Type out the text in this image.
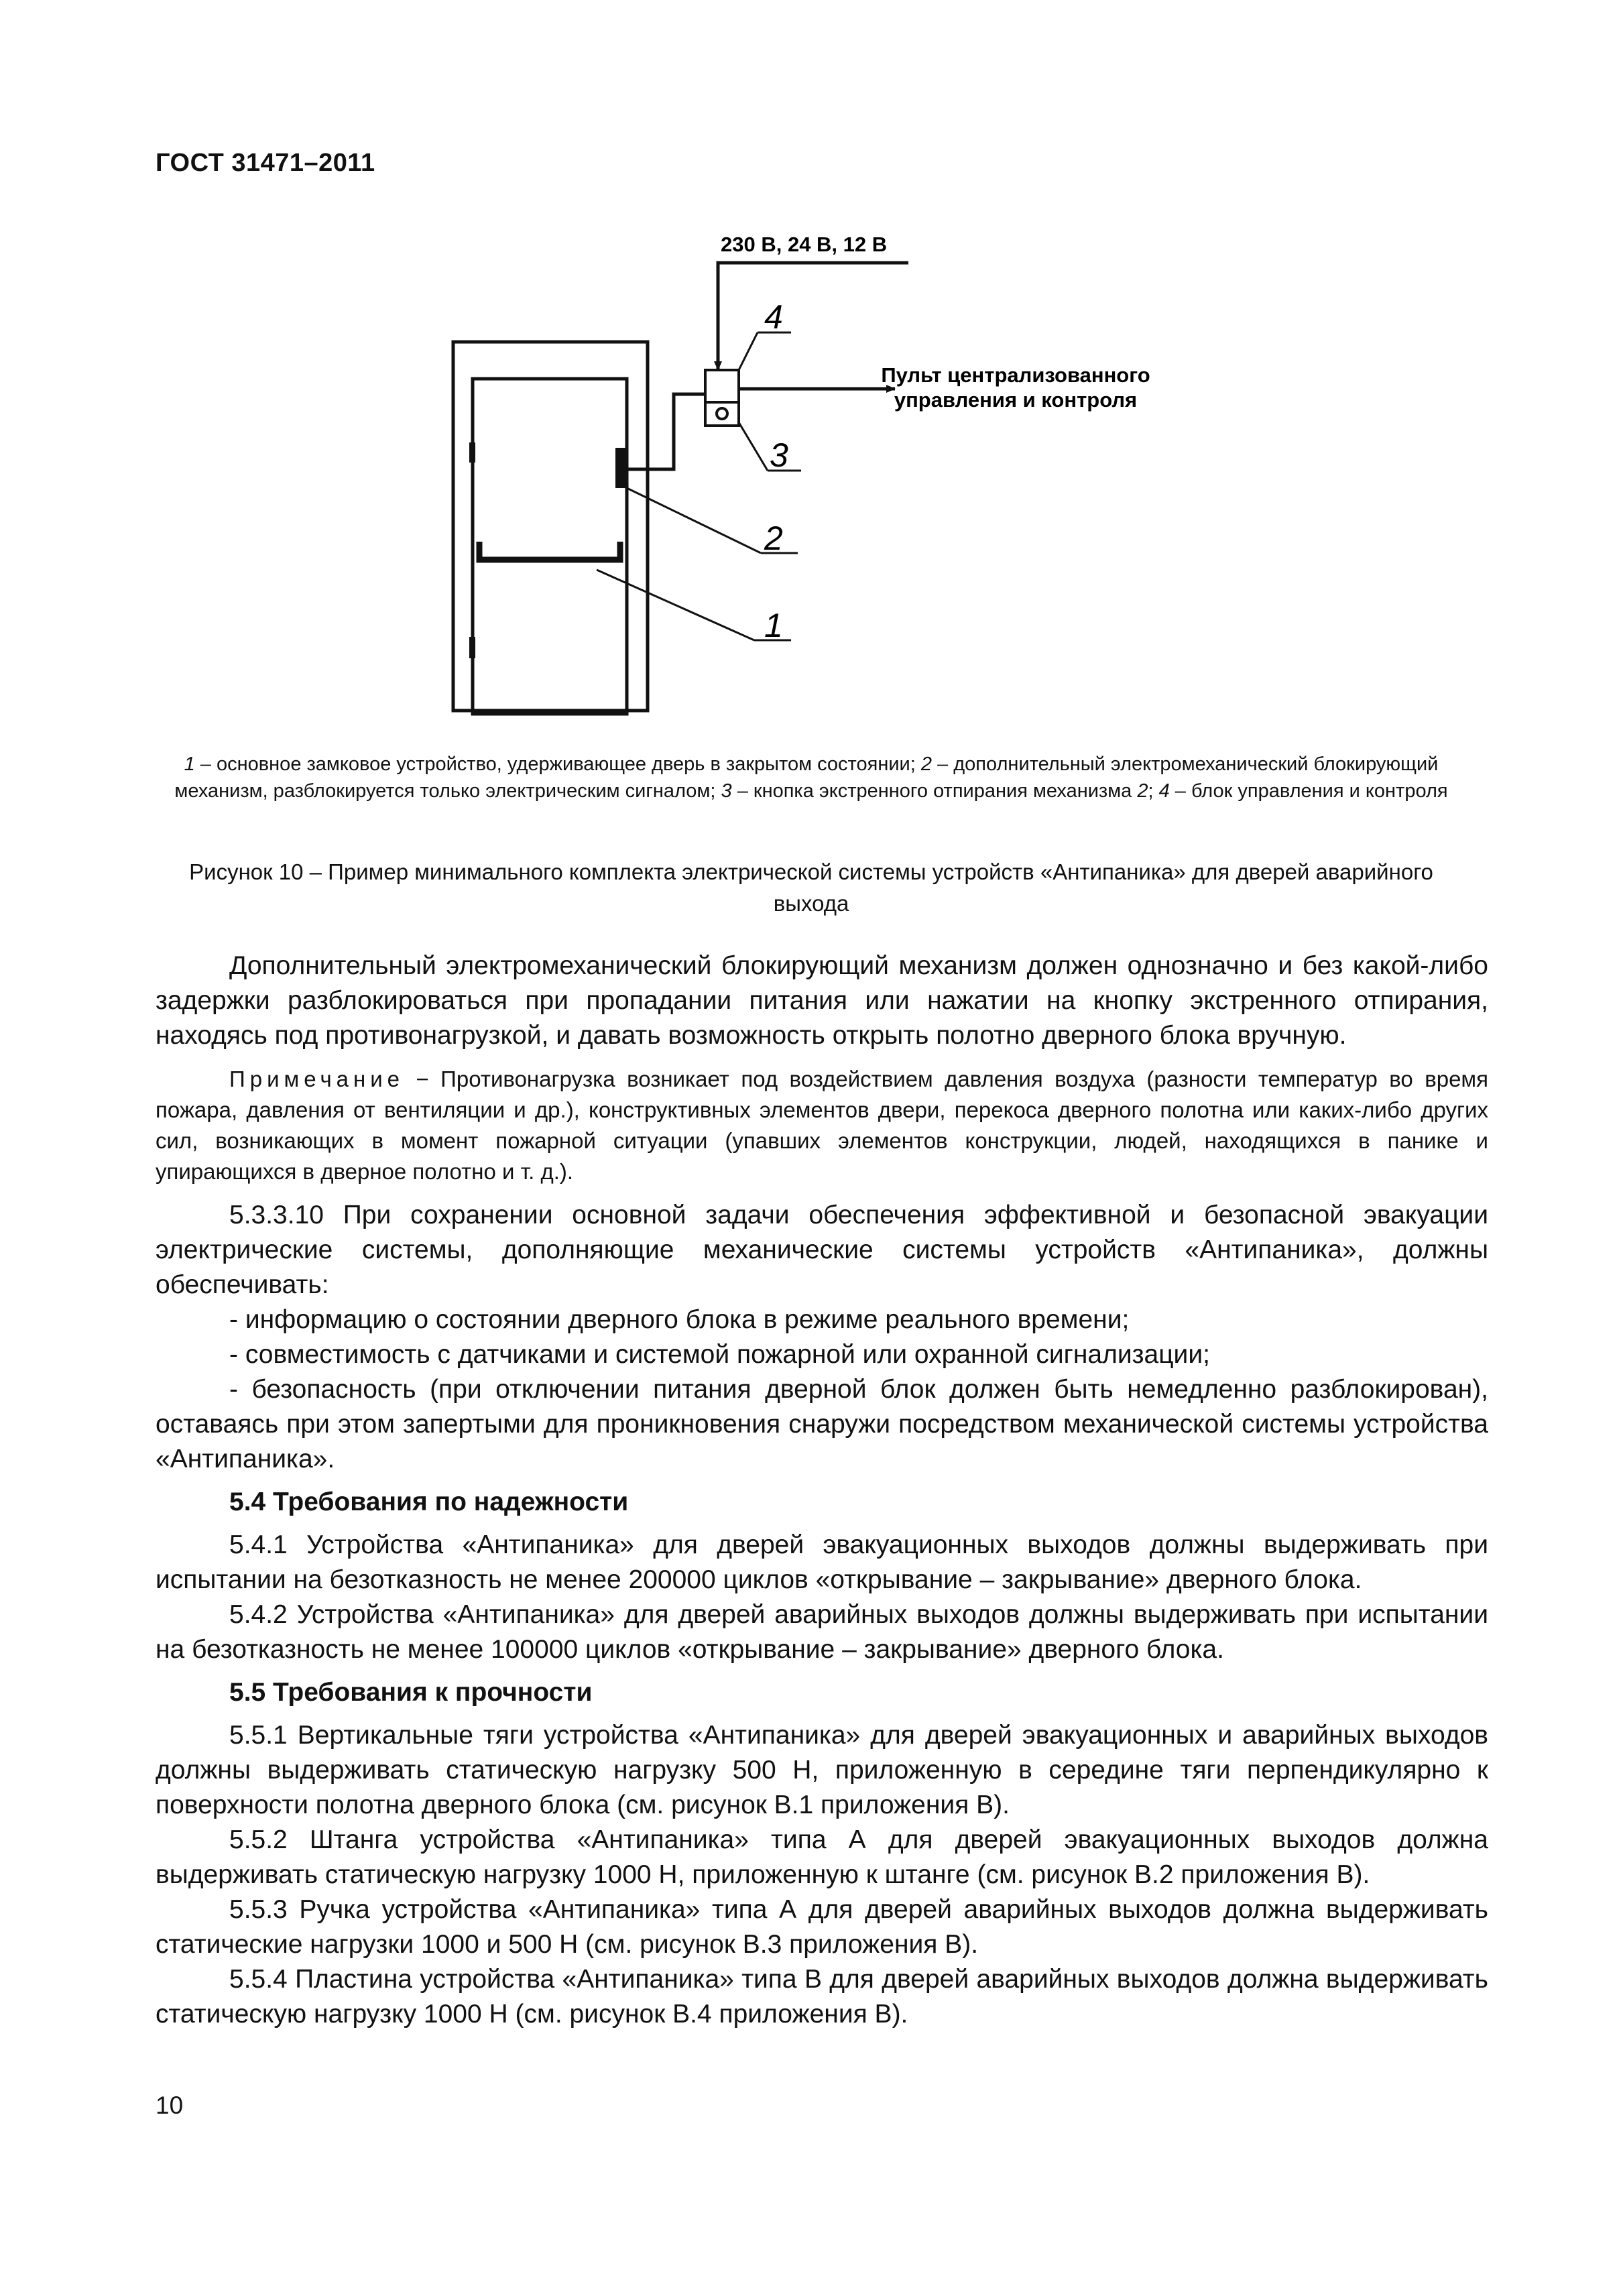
ГОСТ 31471–2011
4
3
2
1
230 В, 24 В, 12 В
Пульт централизованного
управления и контроля
1 – основное замковое устройство, удерживающее дверь в закрытом состоянии; 2 – дополнительный электромеханический блокирующий механизм, разблокируется только электрическим сигналом; 3 – кнопка экстренного отпирания механизма 2; 4 – блок управления и контроля
Рисунок 10 – Пример минимального комплекта электрической системы устройств «Антипаника» для дверей аварийного выхода

Дополнительный электромеханический блокирующий механизм должен однозначно и без какой-либо задержки разблокироваться при пропадании питания или нажатии на кнопку экстренного отпирания, находясь под противонагрузкой, и давать возможность открыть полотно дверного блока вручную.

Примечание − Противонагрузка возникает под воздействием давления воздуха (разности температур во время пожара, давления от вентиляции и др.), конструктивных элементов двери, перекоса дверного полотна или каких-либо других сил, возникающих в момент пожарной ситуации (упавших элементов конструкции, людей, находящихся в панике и упирающихся в дверное полотно и т. д.).

5.3.3.10 При сохранении основной задачи обеспечения эффективной и безопасной эвакуации электрические системы, дополняющие механические системы устройств «Антипаника», должны обеспечивать:

- информацию о состоянии дверного блока в режиме реального времени;

- совместимость с датчиками и системой пожарной или охранной сигнализации;

- безопасность (при отключении питания дверной блок должен быть немедленно разблокирован), оставаясь при этом запертыми для проникновения снаружи посредством механической системы устройства «Антипаника».

5.4 Требования по надежности

5.4.1 Устройства «Антипаника» для дверей эвакуационных выходов должны выдерживать при испытании на безотказность не менее 200000 циклов «открывание – закрывание» дверного блока.

5.4.2 Устройства «Антипаника» для дверей аварийных выходов должны выдерживать при испытании на безотказность не менее 100000 циклов «открывание – закрывание» дверного блока.

5.5 Требования к прочности

5.5.1 Вертикальные тяги устройства «Антипаника» для дверей эвакуационных и аварийных выходов должны выдерживать статическую нагрузку 500 Н, приложенную в середине тяги перпендикулярно к поверхности полотна дверного блока (см. рисунок В.1 приложения В).

5.5.2 Штанга устройства «Антипаника» типа А для дверей эвакуационных выходов должна выдерживать статическую нагрузку 1000 Н, приложенную к штанге (см. рисунок В.2 приложения В).

5.5.3 Ручка устройства «Антипаника» типа А для дверей аварийных выходов должна выдерживать статические нагрузки 1000 и 500 Н (см. рисунок В.3 приложения В).

5.5.4 Пластина устройства «Антипаника» типа В для дверей аварийных выходов должна выдерживать статическую нагрузку 1000 Н (см. рисунок В.4 приложения В).

10
